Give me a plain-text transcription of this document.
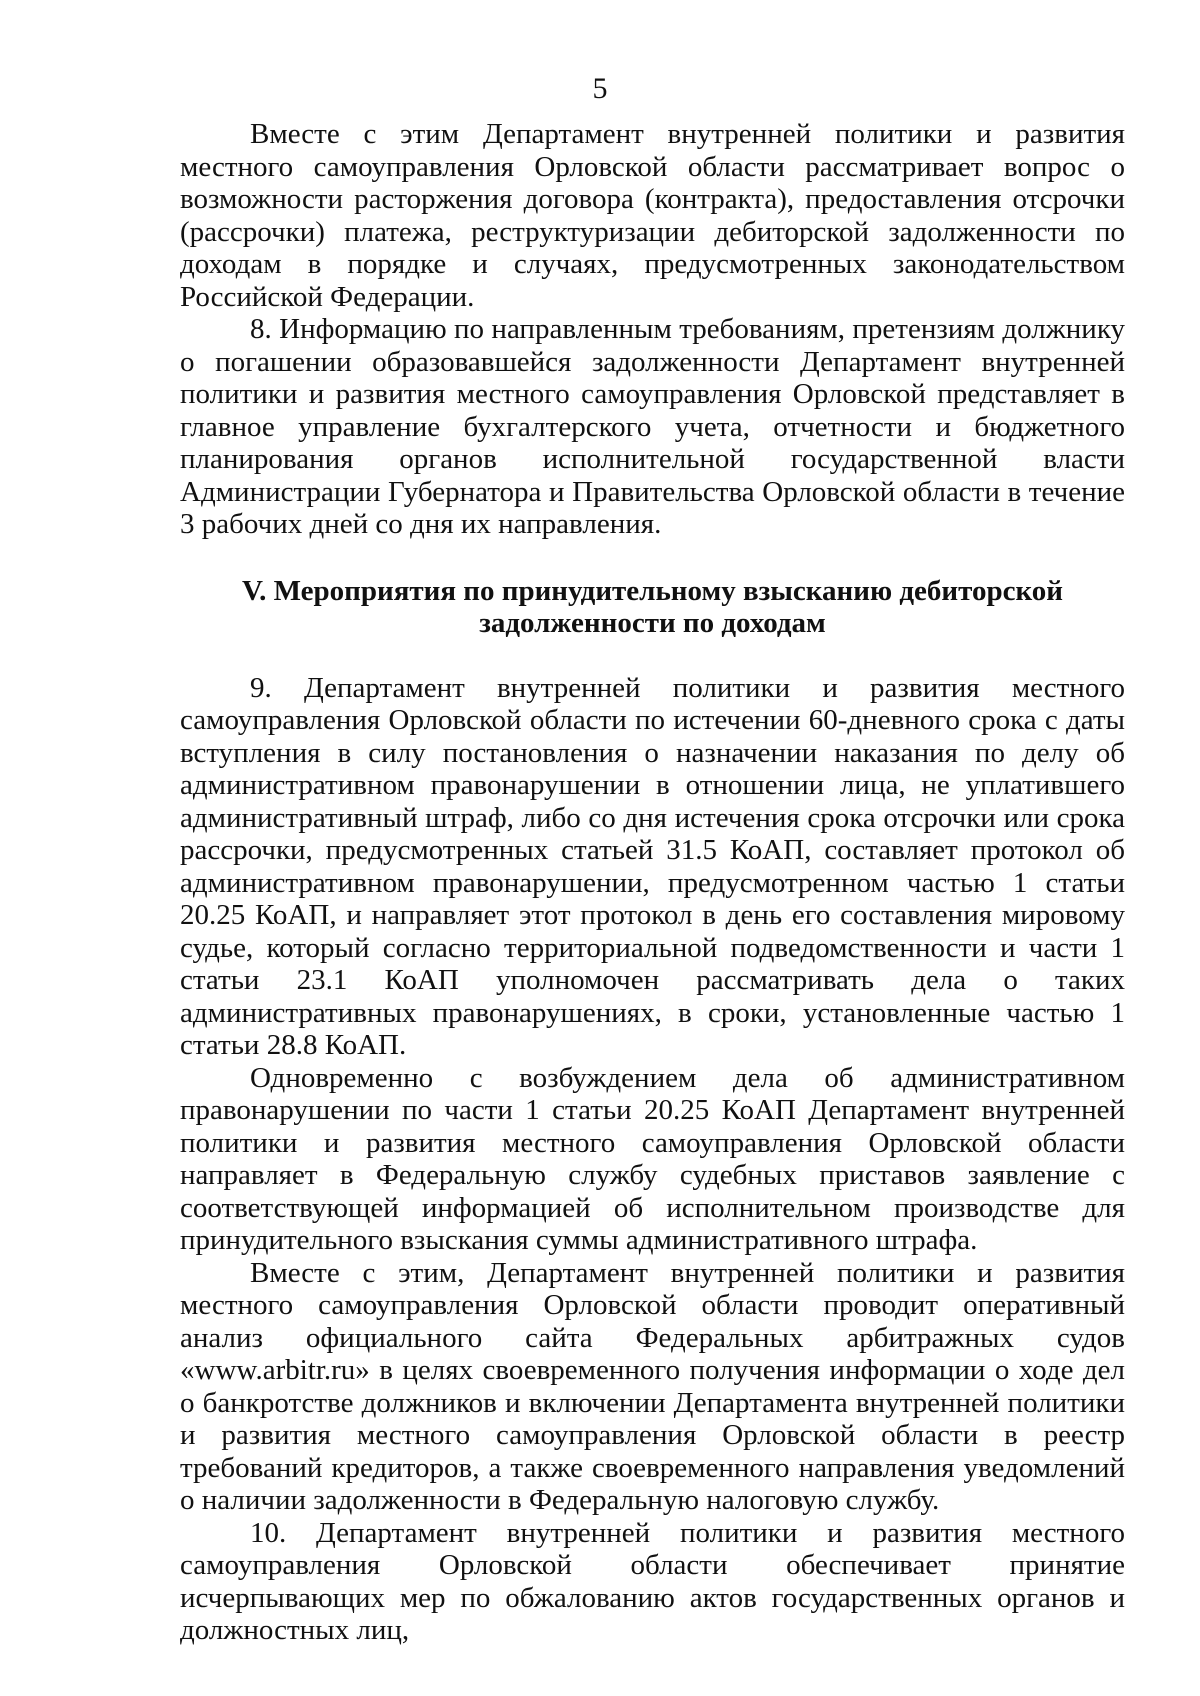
5

Вместе с этим Департамент внутренней политики и развития местного самоуправления Орловской области рассматривает вопрос о возможности расторжения договора (контракта), предоставления отсрочки (рассрочки) платежа, реструктуризации дебиторской задолженности по доходам в порядке и случаях, предусмотренных законодательством Российской Федерации.

8. Информацию по направленным требованиям, претензиям должнику о погашении образовавшейся задолженности Департамент внутренней политики и развития местного самоуправления Орловской представляет в главное управление бухгалтерского учета, отчетности и бюджетного планирования органов исполнительной государственной власти Администрации Губернатора и Правительства Орловской области в течение 3 рабочих дней со дня их направления.

V. Мероприятия по принудительному взысканию дебиторской задолженности по доходам

9. Департамент внутренней политики и развития местного самоуправления Орловской области по истечении 60-дневного срока с даты вступления в силу постановления о назначении наказания по делу об административном правонарушении в отношении лица, не уплатившего административный штраф, либо со дня истечения срока отсрочки или срока рассрочки, предусмотренных статьей 31.5 КоАП, составляет протокол об административном правонарушении, предусмотренном частью 1 статьи 20.25 КоАП, и направляет этот протокол в день его составления мировому судье, который согласно территориальной подведомственности и части 1 статьи 23.1 КоАП уполномочен рассматривать дела о таких административных правонарушениях, в сроки, установленные частью 1 статьи 28.8 КоАП.

Одновременно с возбуждением дела об административном правонарушении по части 1 статьи 20.25 КоАП Департамент внутренней политики и развития местного самоуправления Орловской области направляет в Федеральную службу судебных приставов заявление с соответствующей информацией об исполнительном производстве для принудительного взыскания суммы административного штрафа.

Вместе с этим, Департамент внутренней политики и развития местного самоуправления Орловской области проводит оперативный анализ официального сайта Федеральных арбитражных судов «www.arbitr.ru» в целях своевременного получения информации о ходе дел о банкротстве должников и включении Департамента внутренней политики и развития местного самоуправления Орловской области в реестр требований кредиторов, а также своевременного направления уведомлений о наличии задолженности в Федеральную налоговую службу.

10. Департамент внутренней политики и развития местного самоуправления Орловской области обеспечивает принятие исчерпывающих мер по обжалованию актов государственных органов и должностных лиц,
